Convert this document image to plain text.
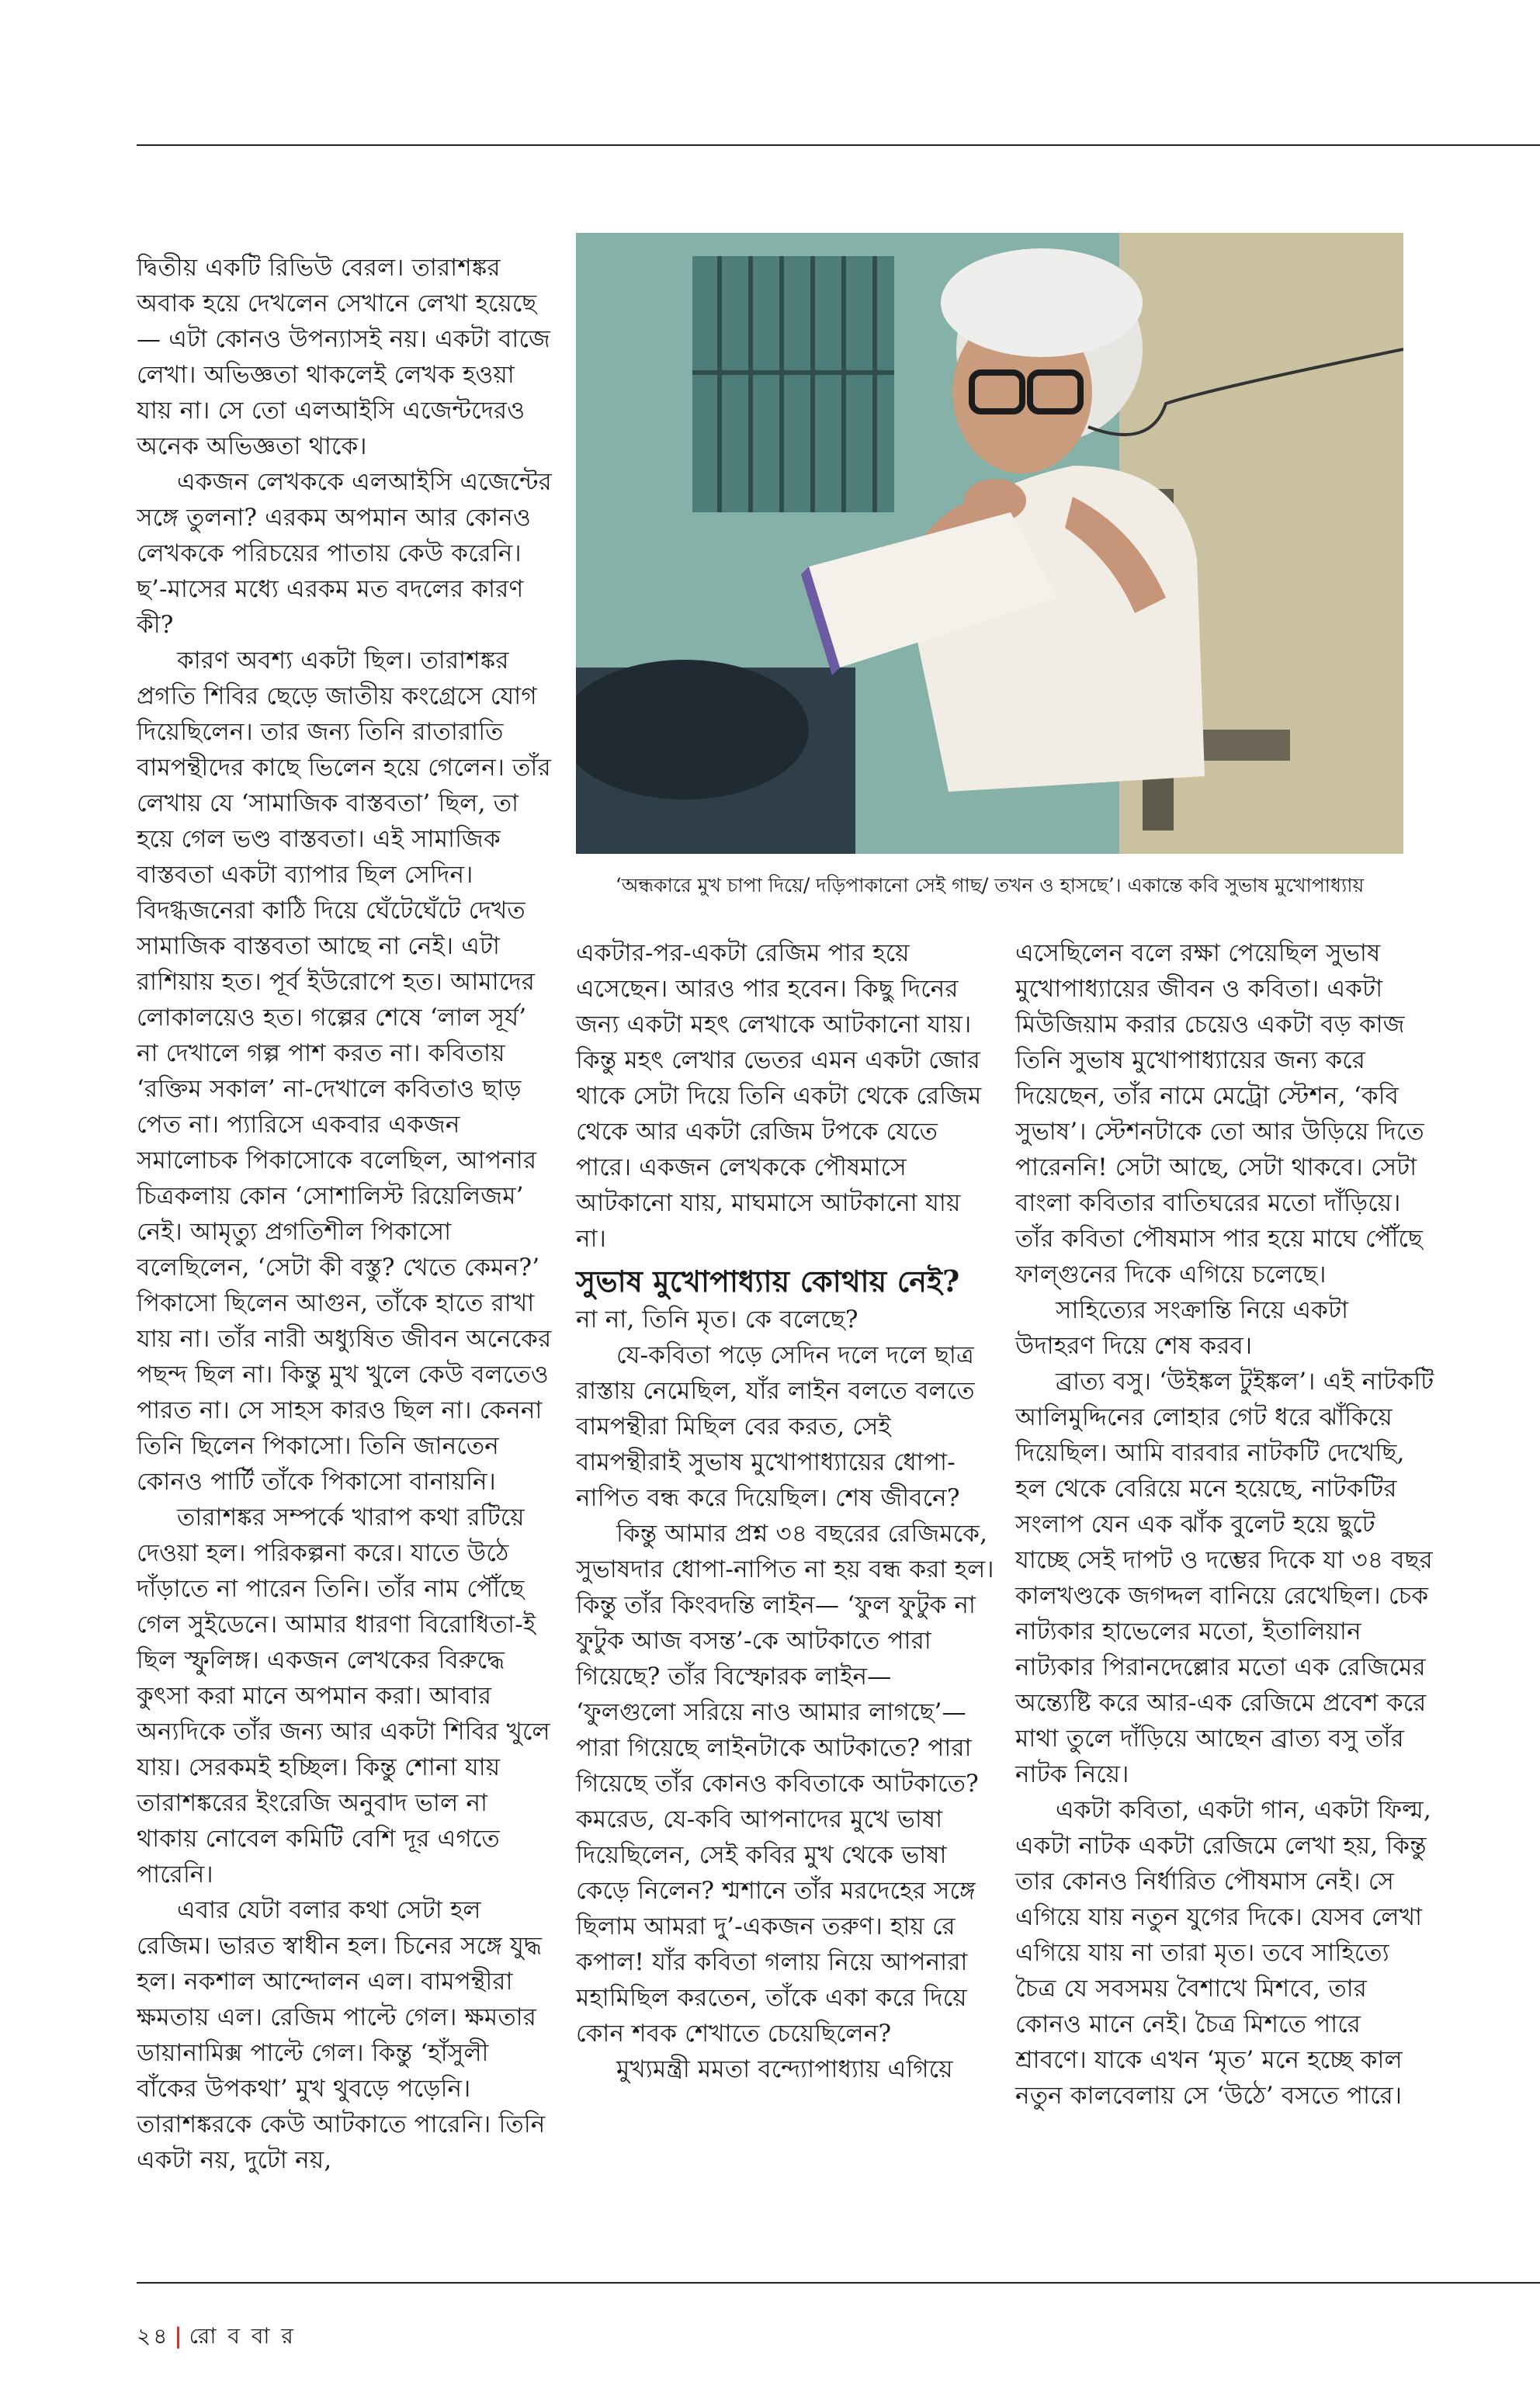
দ্বিতীয় একটি রিভিউ বেরল। তারাশঙ্কর অবাক হয়ে দেখলেন সেখানে লেখা হয়েছে— এটা কোনও উপন্যাসই নয়। একটা বাজে লেখা। অভিজ্ঞতা থাকলেই লেখক হওয়া যায় না। সে তো এলআইসি এজেন্টদেরও অনেক অভিজ্ঞতা থাকে।

একজন লেখককে এলআইসি এজেন্টের সঙ্গে তুলনা? এরকম অপমান আর কোনও লেখককে পরিচয়ের পাতায় কেউ করেনি। ছ’-মাসের মধ্যে এরকম মত বদলের কারণ কী?

কারণ অবশ্য একটা ছিল। তারাশঙ্কর প্রগতি শিবির ছেড়ে জাতীয় কংগ্রেসে যোগ দিয়েছিলেন। তার জন্য তিনি রাতারাতি বামপন্থীদের কাছে ভিলেন হয়ে গেলেন। তাঁর লেখায় যে ‘সামাজিক বাস্তবতা’ ছিল, তা হয়ে গেল ভণ্ড বাস্তবতা। এই সামাজিক বাস্তবতা একটা ব্যাপার ছিল সেদিন। বিদগ্ধজনেরা কাঠি দিয়ে ঘেঁটেঘেঁটে দেখত সামাজিক বাস্তবতা আছে না নেই। এটা রাশিয়ায় হত। পূর্ব ইউরোপে হত। আমাদের লোকালয়েও হত। গল্পের শেষে ‘লাল সূর্য’ না দেখালে গল্প পাশ করত না। কবিতায় ‘রক্তিম সকাল’ না-দেখালে কবিতাও ছাড় পেত না। প্যারিসে একবার একজন সমালোচক পিকাসোকে বলেছিল, আপনার চিত্রকলায় কোন ‘সোশালিস্ট রিয়েলিজম’ নেই। আমৃত্যু প্রগতিশীল পিকাসো বলেছিলেন, ‘সেটা কী বস্তু? খেতে কেমন?’ পিকাসো ছিলেন আগুন, তাঁকে হাতে রাখা যায় না। তাঁর নারী অধ্যুষিত জীবন অনেকের পছন্দ ছিল না। কিন্তু মুখ খুলে কেউ বলতেও পারত না। সে সাহস কারও ছিল না। কেননা তিনি ছিলেন পিকাসো। তিনি জানতেন কোনও পার্টি তাঁকে পিকাসো বানায়নি।

তারাশঙ্কর সম্পর্কে খারাপ কথা রটিয়ে দেওয়া হল। পরিকল্পনা করে। যাতে উঠে দাঁড়াতে না পারেন তিনি। তাঁর নাম পৌঁছে গেল সুইডেনে। আমার ধারণা বিরোধিতা-ই ছিল স্ফুলিঙ্গ। একজন লেখকের বিরুদ্ধে কুৎসা করা মানে অপমান করা। আবার অন্যদিকে তাঁর জন্য আর একটা শিবির খুলে যায়। সেরকমই হচ্ছিল। কিন্তু শোনা যায় তারাশঙ্করের ইংরেজি অনুবাদ ভাল না থাকায় নোবেল কমিটি বেশি দূর এগতে পারেনি।

এবার যেটা বলার কথা সেটা হল রেজিম। ভারত স্বাধীন হল। চিনের সঙ্গে যুদ্ধ হল। নকশাল আন্দোলন এল। বামপন্থীরা ক্ষমতায় এল। রেজিম পাল্টে গেল। ক্ষমতার ডায়ানামিক্স পাল্টে গেল। কিন্তু ‘হাঁসুলী বাঁকের উপকথা’ মুখ থুবড়ে পড়েনি। তারাশঙ্করকে কেউ আটকাতে পারেনি। তিনি একটা নয়, দুটো নয়,

‘অন্ধকারে মুখ চাপা দিয়ে/ দড়িপাকানো সেই গাছ/ তখন ও হাসছে’। একান্তে কবি সুভাষ মুখোপাধ্যায়

একটার-পর-একটা রেজিম পার হয়ে এসেছেন। আরও পার হবেন। কিছু দিনের জন্য একটা মহৎ লেখাকে আটকানো যায়। কিন্তু মহৎ লেখার ভেতর এমন একটা জোর থাকে সেটা দিয়ে তিনি একটা থেকে রেজিম থেকে আর একটা রেজিম টপকে যেতে পারে। একজন লেখককে পৌষমাসে আটকানো যায়, মাঘমাসে আটকানো যায় না।

সুভাষ মুখোপাধ্যায় কোথায় নেই?

না না, তিনি মৃত। কে বলেছে?

যে-কবিতা পড়ে সেদিন দলে দলে ছাত্র রাস্তায় নেমেছিল, যাঁর লাইন বলতে বলতে বামপন্থীরা মিছিল বের করত, সেই বামপন্থীরাই সুভাষ মুখোপাধ্যায়ের ধোপা-নাপিত বন্ধ করে দিয়েছিল। শেষ জীবনে?

কিন্তু আমার প্রশ্ন ৩৪ বছরের রেজিমকে, সুভাষদার ধোপা-নাপিত না হয় বন্ধ করা হল। কিন্তু তাঁর কিংবদন্তি লাইন— ‘ফুল ফুটুক না ফুটুক আজ বসন্ত’-কে আটকাতে পারা গিয়েছে? তাঁর বিস্ফোরক লাইন— ‘ফুলগুলো সরিয়ে নাও আমার লাগছে’— পারা গিয়েছে লাইনটাকে আটকাতে? পারা গিয়েছে তাঁর কোনও কবিতাকে আটকাতে? কমরেড, যে-কবি আপনাদের মুখে ভাষা দিয়েছিলেন, সেই কবির মুখ থেকে ভাষা কেড়ে নিলেন? শ্মশানে তাঁর মরদেহের সঙ্গে ছিলাম আমরা দু’-একজন তরুণ। হায় রে কপাল! যাঁর কবিতা গলায় নিয়ে আপনারা মহামিছিল করতেন, তাঁকে একা করে দিয়ে কোন শবক শেখাতে চেয়েছিলেন?

মুখ্যমন্ত্রী মমতা বন্দ্যোপাধ্যায় এগিয়ে

এসেছিলেন বলে রক্ষা পেয়েছিল সুভাষ মুখোপাধ্যায়ের জীবন ও কবিতা। একটা মিউজিয়াম করার চেয়েও একটা বড় কাজ তিনি সুভাষ মুখোপাধ্যায়ের জন্য করে দিয়েছেন, তাঁর নামে মেট্রো স্টেশন, ‘কবি সুভাষ’। স্টেশনটাকে তো আর উড়িয়ে দিতে পারেননি! সেটা আছে, সেটা থাকবে। সেটা বাংলা কবিতার বাতিঘরের মতো দাঁড়িয়ে। তাঁর কবিতা পৌষমাস পার হয়ে মাঘে পৌঁছে ফাল্গুনের দিকে এগিয়ে চলেছে।

সাহিত্যের সংক্রান্তি নিয়ে একটা উদাহরণ দিয়ে শেষ করব।

ব্রাত্য বসু। ‘উইঙ্কল টুইঙ্কল’। এই নাটকটি আলিমুদ্দিনের লোহার গেট ধরে ঝাঁকিয়ে দিয়েছিল। আমি বারবার নাটকটি দেখেছি, হল থেকে বেরিয়ে মনে হয়েছে, নাটকটির সংলাপ যেন এক ঝাঁক বুলেট হয়ে ছুটে যাচ্ছে সেই দাপট ও দম্ভের দিকে যা ৩৪ বছর কালখণ্ডকে জগদ্দল বানিয়ে রেখেছিল। চেক নাট্যকার হাভেলের মতো, ইতালিয়ান নাট্যকার পিরানদেল্লোর মতো এক রেজিমের অন্ত্যেষ্টি করে আর-এক রেজিমে প্রবেশ করে মাথা তুলে দাঁড়িয়ে আছেন ব্রাত্য বসু তাঁর নাটক নিয়ে।

একটা কবিতা, একটা গান, একটা ফিল্ম, একটা নাটক একটা রেজিমে লেখা হয়, কিন্তু তার কোনও নির্ধারিত পৌষমাস নেই। সে এগিয়ে যায় নতুন যুগের দিকে। যেসব লেখা এগিয়ে যায় না তারা মৃত। তবে সাহিত্যে চৈত্র যে সবসময় বৈশাখে মিশবে, তার কোনও মানে নেই। চৈত্র মিশতে পারে শ্রাবণে। যাকে এখন ‘মৃত’ মনে হচ্ছে কাল নতুন কালবেলায় সে ‘উঠে’ বসতে পারে।

২৪ | রো ব বা র
